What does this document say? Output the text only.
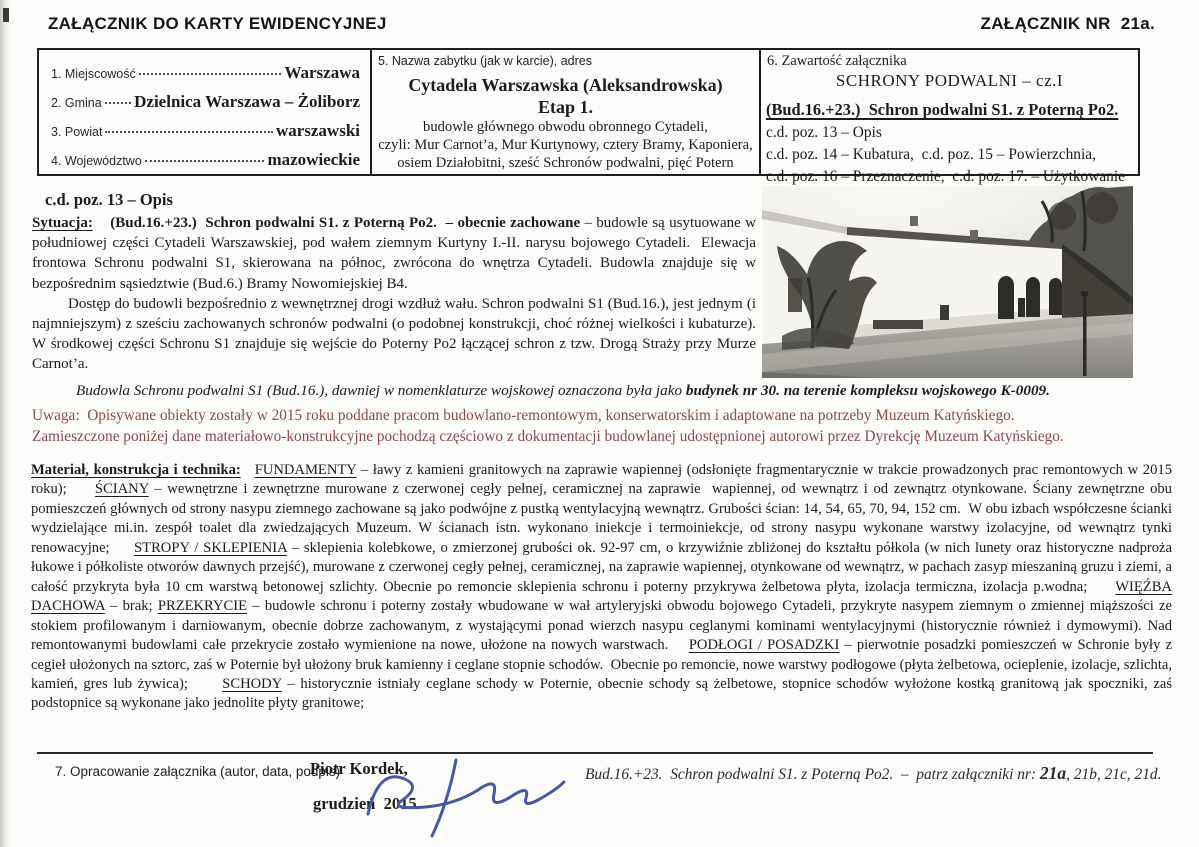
ZAŁĄCZNIK DO KARTY EWIDENCYJNEJ	ZAŁĄCZNIK NR  21a.
1. Miejscowość	Warszawa
2. Gmina Dzielnica Warszawa – Żoliborz
3. Powiat	warszawski
4. Województwo	mazowieckie
5. Nazwa zabytku (jak w karcie), adres
Cytadela Warszawska (Aleksandrowska)
Etap 1.
budowle głównego obwodu obronnego Cytadeli,
czyli: Mur Carnot’a, Mur Kurtynowy, cztery Bramy, Kaponiera,
osiem Działobitni, sześć Schronów podwalni, pięć Potern
6. Zawartość załącznika
SCHRONY PODWALNI – cz.I
(Bud.16.+23.)  Schron podwalni S1. z Poterną Po2.
c.d. poz. 13 – Opis
c.d. poz. 14 – Kubatura,  c.d. poz. 15 – Powierzchnia,
c.d. poz. 16 – Przeznaczenie,  c.d. poz. 17. – Użytkowanie
c.d. poz. 13 – Opis
Sytuacja:    (Bud.16.+23.)  Schron podwalni S1. z Poterną Po2.  – obecnie zachowane – budowle są usytuowane w południowej części Cytadeli Warszawskiej, pod wałem ziemnym Kurtyny I.-II. narysu bojowego Cytadeli.  Elewacja frontowa Schronu podwalni S1, skierowana na północ, zwrócona do wnętrza Cytadeli. Budowla znajduje się w bezpośrednim sąsiedztwie (Bud.6.) Bramy Nowomiejskiej B4.
Dostęp do budowli bezpośrednio z wewnętrznej drogi wzdłuż wału. Schron podwalni S1 (Bud.16.), jest jednym (i najmniejszym) z sześciu zachowanych schronów podwalni (o podobnej konstrukcji, choć różnej wielkości i kubaturze). W środkowej części Schronu S1 znajduje się wejście do Poterny Po2 łączącej schron z tzw. Drogą Straży przy Murze Carnot’a.
Budowla Schronu podwalni S1 (Bud.16.), dawniej w nomenklaturze wojskowej oznaczona była jako budynek nr 30. na terenie kompleksu wojskowego K-0009.
Uwaga:  Opisywane obiekty zostały w 2015 roku poddane pracom budowlano-remontowym, konserwatorskim i adaptowane na potrzeby Muzeum Katyńskiego.
Zamieszczone poniżej dane materiałowo-konstrukcyjne pochodzą częściowo z dokumentacji budowlanej udostępnionej autorowi przez Dyrekcję Muzeum Katyńskiego.
Materiał, konstrukcja i technika: FUNDAMENTY – ławy z kamieni granitowych na zaprawie wapiennej (odsłonięte fragmentarycznie w trakcie prowadzonych prac remontowych w 2015 roku);     ŚCIANY – wewnętrzne i zewnętrzne murowane z czerwonej cegły pełnej, ceramicznej na zaprawie  wapiennej, od wewnątrz i od zewnątrz otynkowane. Ściany zewnętrzne obu pomieszczeń głównych od strony nasypu ziemnego zachowane są jako podwójne z pustką wentylacyjną wewnątrz. Grubości ścian: 14, 54, 65, 70, 94, 152 cm.  W obu izbach współczesne ścianki wydzielające mi.in. zespół toalet dla zwiedzających Muzeum. W ścianach istn. wykonano iniekcje i termoiniekcje, od strony nasypu wykonane warstwy izolacyjne, od wewnątrz tynki renowacyjne;     STROPY / SKLEPIENIA – sklepienia kolebkowe, o zmierzonej grubości ok. 92-97 cm, o krzywiźnie zbliżonej do kształtu półkola (w nich lunety oraz historyczne nadproża łukowe i półkoliste otworów dawnych przejść), murowane z czerwonej cegły pełnej, ceramicznej, na zaprawie wapiennej, otynkowane od wewnątrz, w pachach zasyp mieszaniną gruzu i ziemi, a całość przykryta była 10 cm warstwą betonowej szlichty. Obecnie po remoncie sklepienia schronu i poterny przykrywa żelbetowa płyta, izolacja termiczna, izolacja p.wodna;     WIĘŹBA DACHOWA – brak; PRZEKRYCIE – budowle schronu i poterny zostały wbudowane w wał artyleryjski obwodu bojowego Cytadeli, przykryte nasypem ziemnym o zmiennej miąższości ze stokiem profilowanym i darniowanym, obecnie dobrze zachowanym, z wystającymi ponad wierzch nasypu ceglanymi kominami wentylacyjnymi (historycznie również i dymowymi). Nad remontowanymi budowlami całe przekrycie zostało wymienione na nowe, ułożone na nowych warstwach.    PODŁOGI / POSADZKI – pierwotnie posadzki pomieszczeń w Schronie były z cegieł ułożonych na sztorc, zaś w Poternie był ułożony bruk kamienny i ceglane stopnie schodów.  Obecnie po remoncie, nowe warstwy podłogowe (płyta żelbetowa, ocieplenie, izolacje, szlichta, kamień, gres lub żywica);      SCHODY – historycznie istniały ceglane schody w Poternie, obecnie schody są żelbetowe, stopnice schodów wyłożone kostką granitową jak spoczniki, zaś podstopnice są wykonane jako jednolite płyty granitowe;
7. Opracowanie załącznika (autor, data, podpis)
Piotr Kordek,
grudzień  2015.
Bud.16.+23.  Schron podwalni S1. z Poterną Po2.  –  patrz załączniki nr: 21a, 21b, 21c, 21d.
